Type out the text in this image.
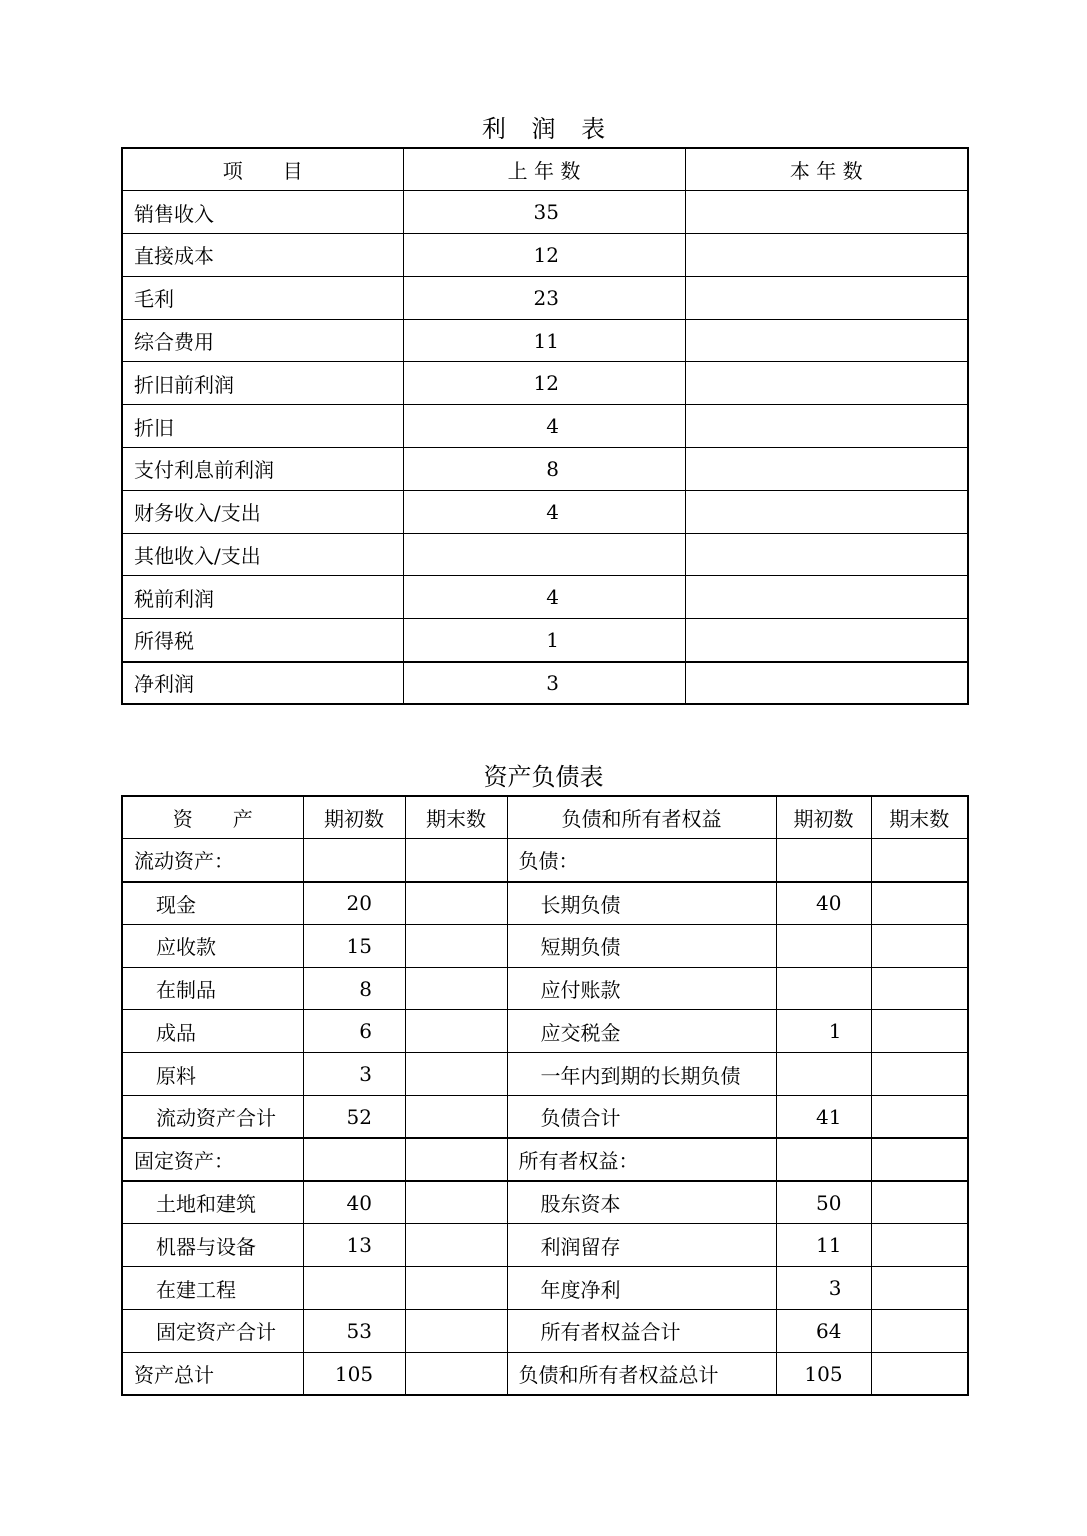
利 润 表
项　　目	上 年 数	本 年 数
销售收入	35	
直接成本	12	
毛利	23	
综合费用	11	
折旧前利润	12	
折旧	4	
支付利息前利润	8	
财务收入/支出	4	
其他收入/支出		
税前利润	4	
所得税	1	
净利润	3	
资产负债表
资　　产	期初数	期末数	负债和所有者权益	期初数	期末数
流动资产：			负债：		
现金	20		长期负债	40	
应收款	15		短期负债		
在制品	8		应付账款		
成品	6		应交税金	1	
原料	3		一年内到期的长期负债		
流动资产合计	52		负债合计	41	
固定资产：			所有者权益：		
土地和建筑	40		股东资本	50	
机器与设备	13		利润留存	11	
在建工程			年度净利	3	
固定资产合计	53		所有者权益合计	64	
资产总计	105		负债和所有者权益总计	105	
